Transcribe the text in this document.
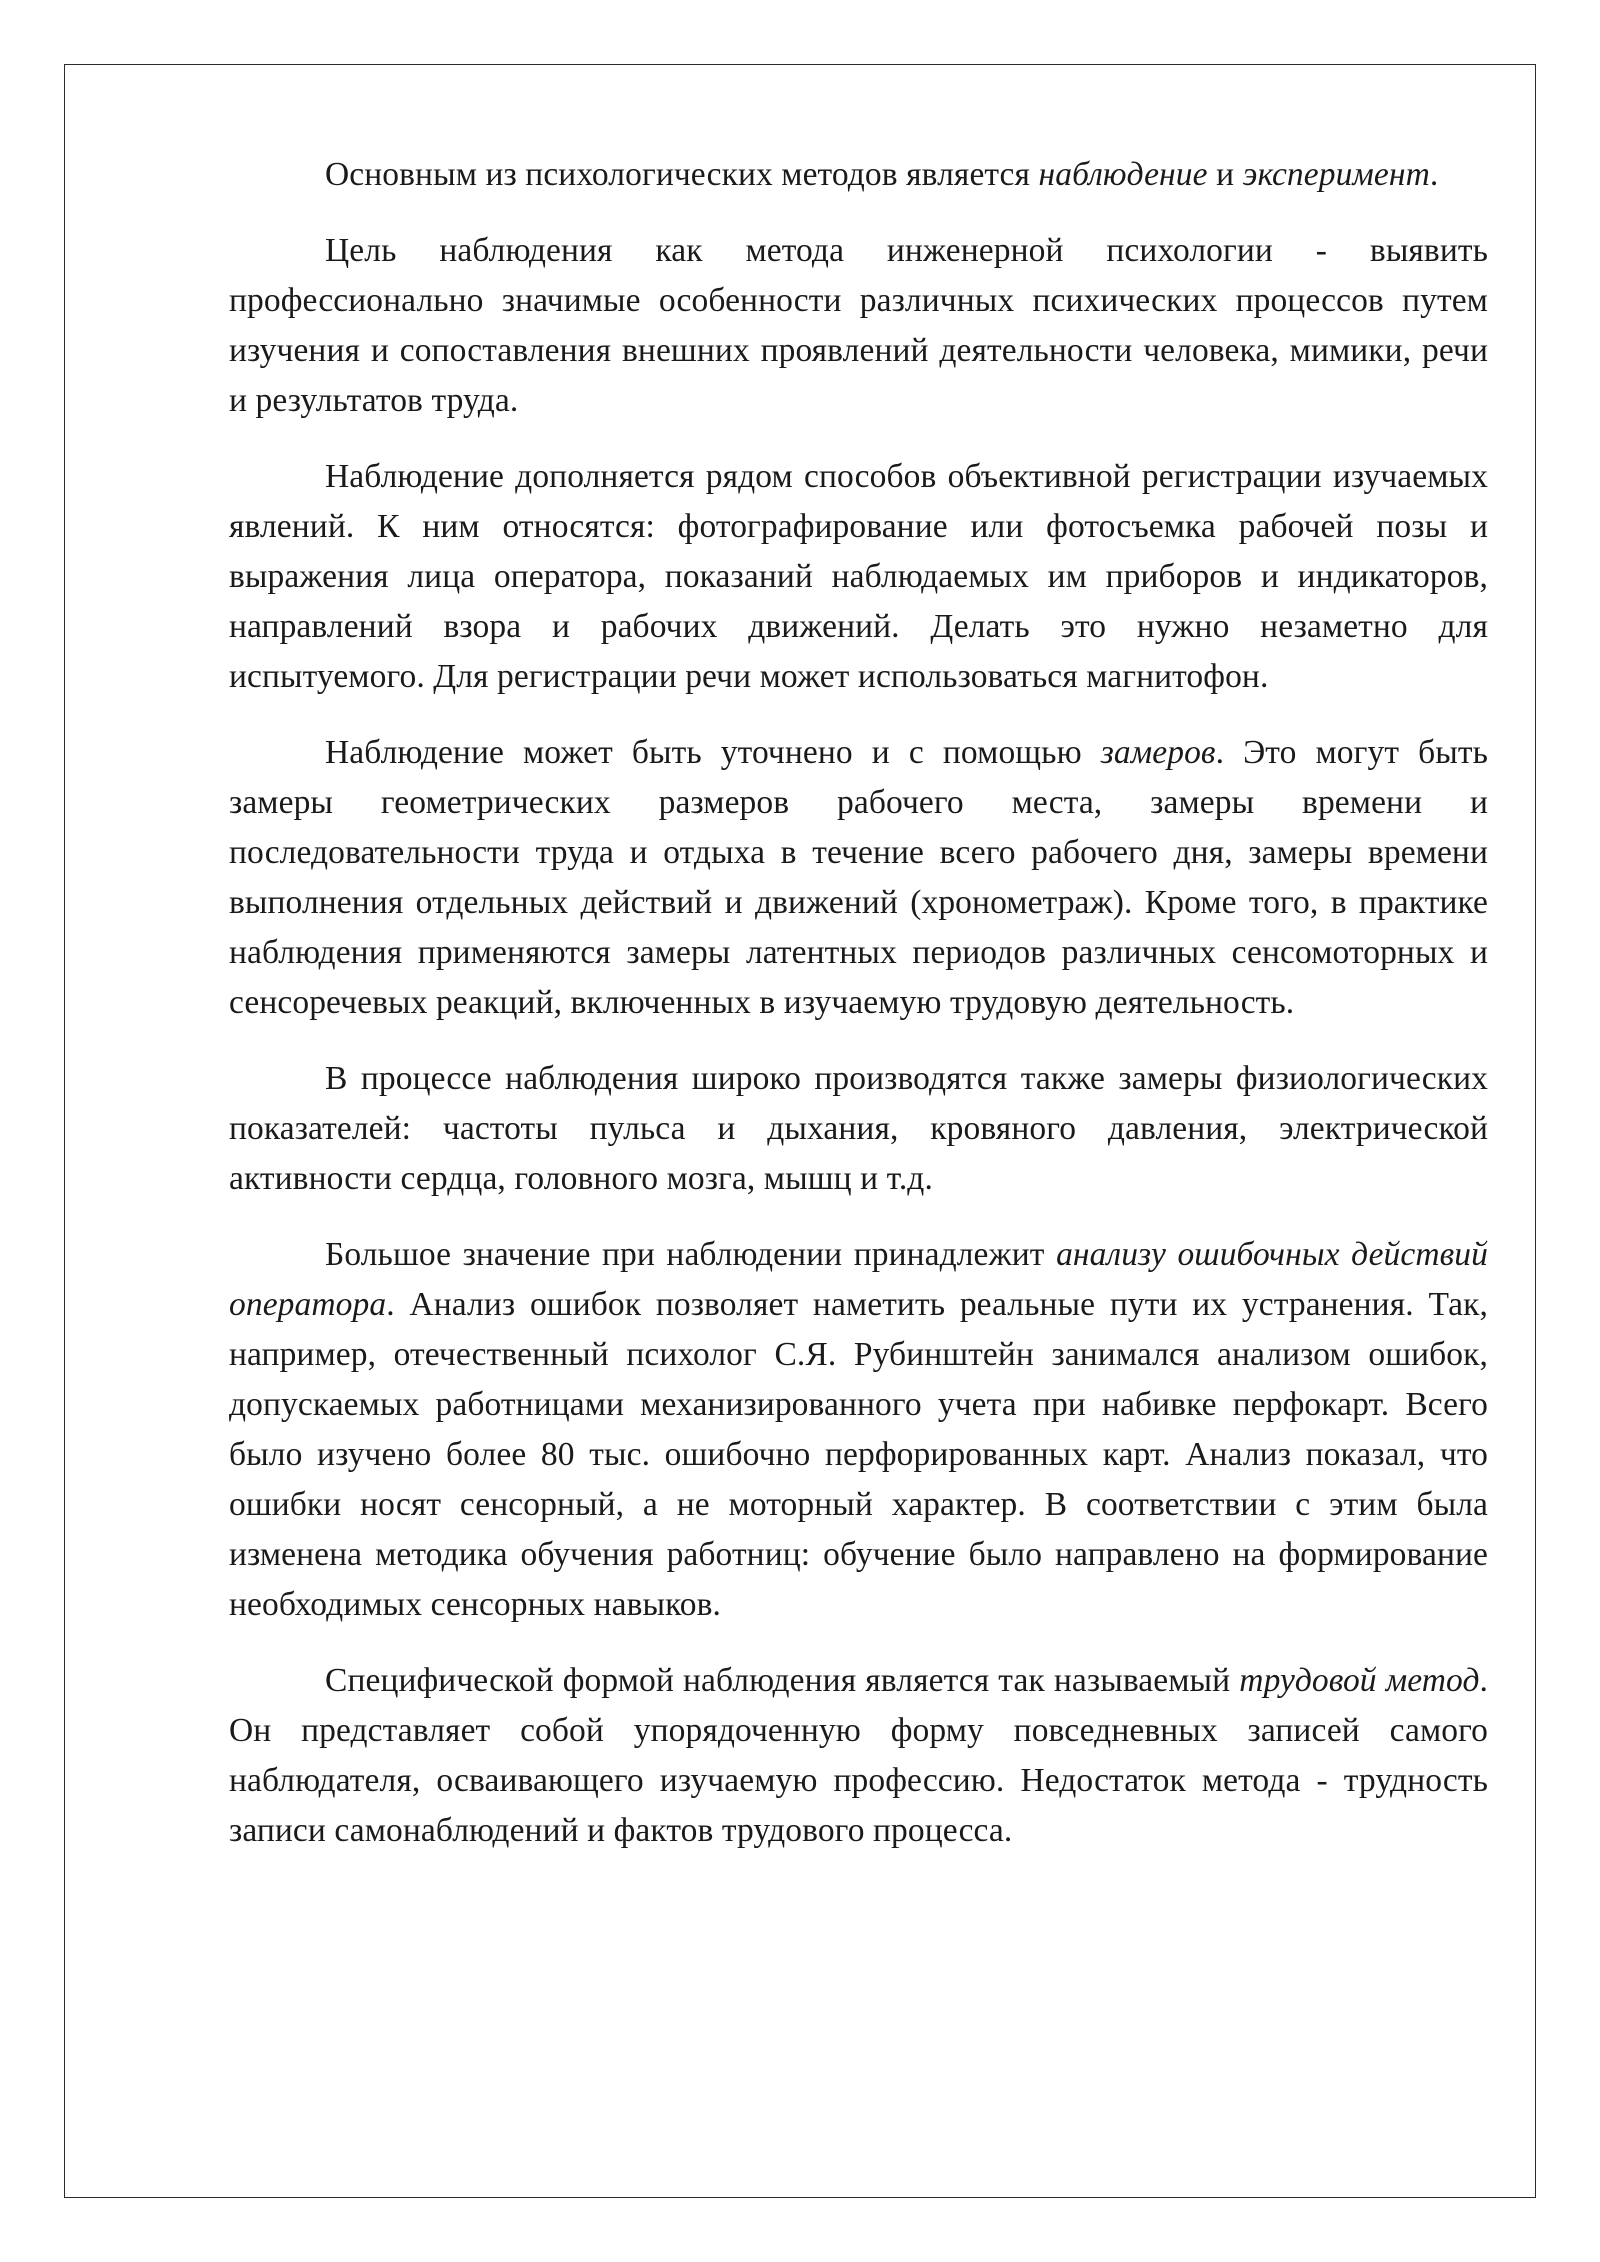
Основным из психологических методов является наблюдение и эксперимент.

Цель наблюдения как метода инженерной психологии - выявить профессионально значимые особенности различных психических процессов путем изучения и сопоставления внешних проявлений деятельности человека, мимики, речи и результатов труда.

Наблюдение дополняется рядом способов объективной регистрации изучаемых явлений. К ним относятся: фотографирование или фотосъемка рабочей позы и выражения лица оператора, показаний наблюдаемых им приборов и индикаторов, направлений взора и рабочих движений. Делать это нужно незаметно для испытуемого. Для регистрации речи может использоваться магнитофон.

Наблюдение может быть уточнено и с помощью замеров. Это могут быть замеры геометрических размеров рабочего места, замеры времени и последовательности труда и отдыха в течение всего рабочего дня, замеры времени выполнения отдельных действий и движений (хронометраж). Кроме того, в практике наблюдения применяются замеры латентных периодов различных сенсомоторных и сенсоречевых реакций, включенных в изучаемую трудовую деятельность.

В процессе наблюдения широко производятся также замеры физиологических показателей: частоты пульса и дыхания, кровяного давления, электрической активности сердца, головного мозга, мышц и т.д.

Большое значение при наблюдении принадлежит анализу ошибочных действий оператора. Анализ ошибок позволяет наметить реальные пути их устранения. Так, например, отечественный психолог С.Я. Рубинштейн занимался анализом ошибок, допускаемых работницами механизированного учета при набивке перфокарт. Всего было изучено более 80 тыс. ошибочно перфорированных карт. Анализ показал, что ошибки носят сенсорный, а не моторный характер. В соответствии с этим была изменена методика обучения работниц: обучение было направлено на формирование необходимых сенсорных навыков.

Специфической формой наблюдения является так называемый трудовой метод. Он представляет собой упорядоченную форму повседневных записей самого наблюдателя, осваивающего изучаемую профессию. Недостаток метода - трудность записи самонаблюдений и фактов трудового процесса.
